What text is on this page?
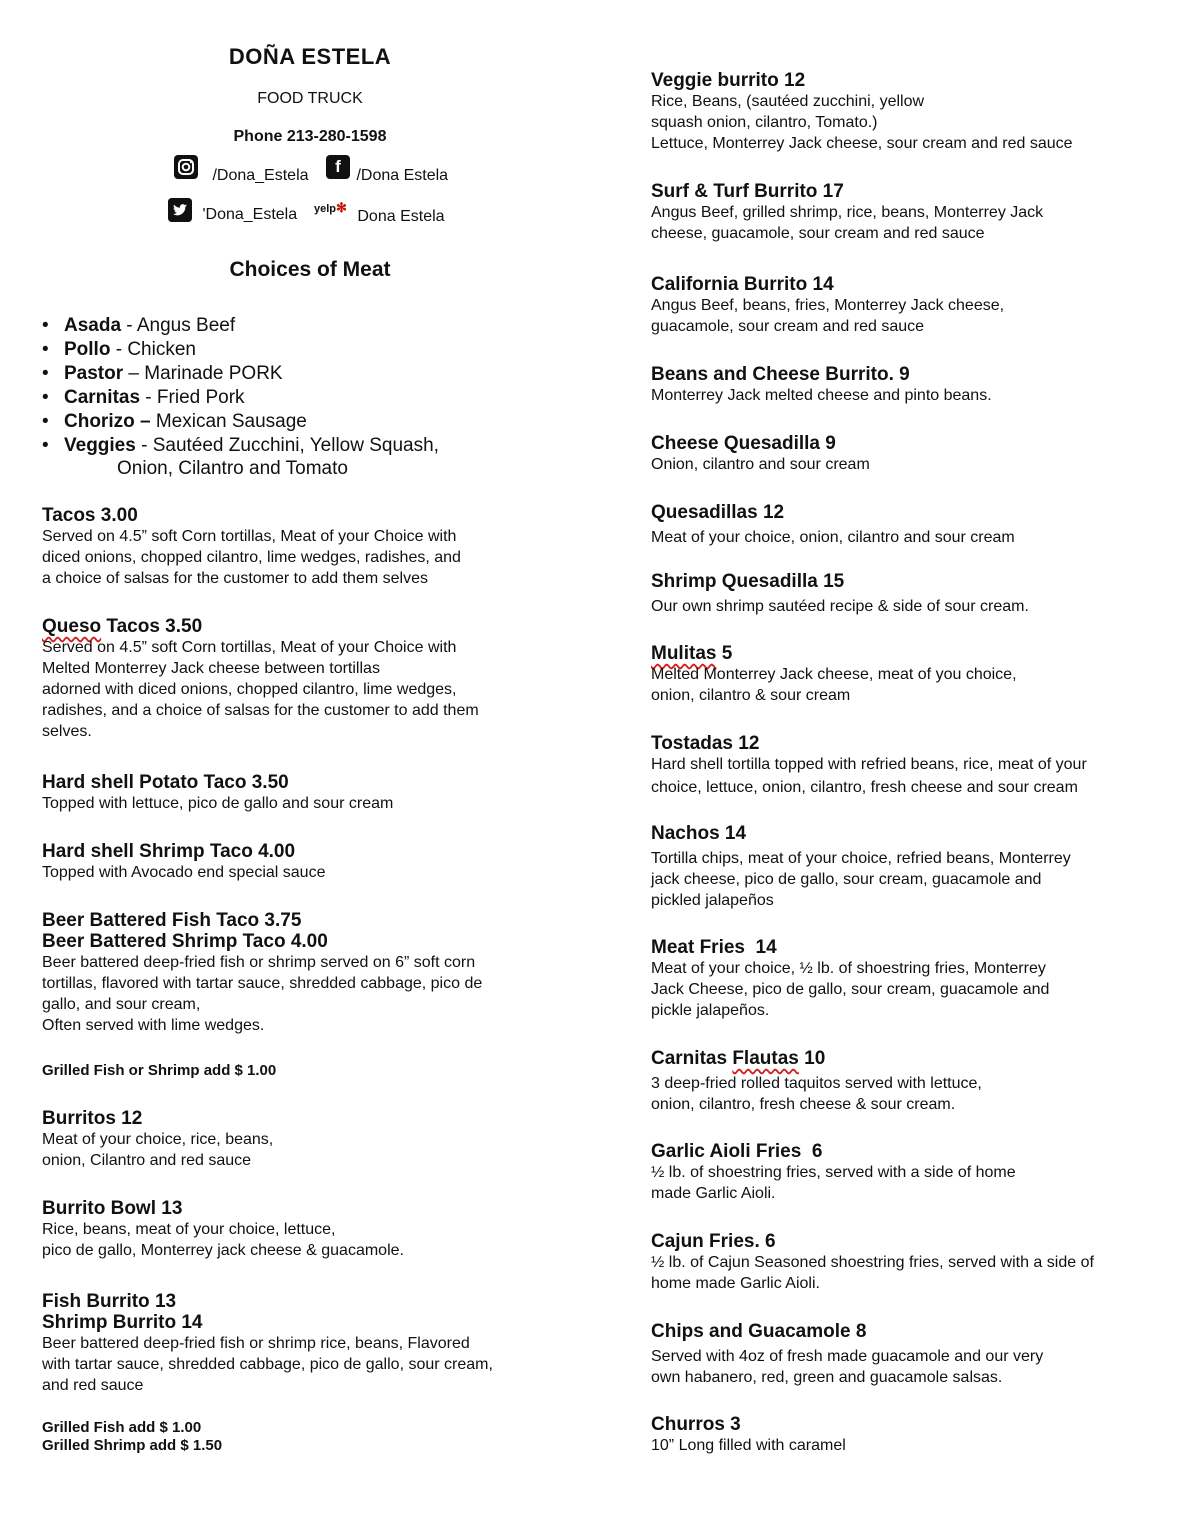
DOÑA ESTELA
FOOD TRUCK
Phone 213-280-1598
/Dona_Estela	f /Dona Estela
'Dona_Estela $^{yelp✻}$ Dona Estela
Choices of Meat
• Asada - Angus Beef
• Pollo - Chicken
• Pastor – Marinade PORK
• Carnitas - Fried Pork
• Chorizo – Mexican Sausage
• Veggies - Sautéed Zucchini, Yellow Squash,
Onion, Cilantro and Tomato
Tacos 3.00
Served on 4.5” soft Corn tortillas, Meat of your Choice with
diced onions, chopped cilantro, lime wedges, radishes, and
a choice of salsas for the customer to add them selves
Queso Tacos 3.50
Served on 4.5” soft Corn tortillas, Meat of your Choice with
Melted Monterrey Jack cheese between tortillas
adorned with diced onions, chopped cilantro, lime wedges,
radishes, and a choice of salsas for the customer to add them
selves.
Hard shell Potato Taco 3.50
Topped with lettuce, pico de gallo and sour cream
Hard shell Shrimp Taco 4.00
Topped with Avocado end special sauce
Beer Battered Fish Taco 3.75
Beer Battered Shrimp Taco 4.00
Beer battered deep-fried fish or shrimp served on 6” soft corn
tortillas, flavored with tartar sauce, shredded cabbage, pico de
gallo, and sour cream,
Often served with lime wedges.
Grilled Fish or Shrimp add $ 1.00
Burritos 12
Meat of your choice, rice, beans,
onion, Cilantro and red sauce
Burrito Bowl 13
Rice, beans, meat of your choice, lettuce,
pico de gallo, Monterrey jack cheese & guacamole.
Fish Burrito 13
Shrimp Burrito 14
Beer battered deep-fried fish or shrimp rice, beans, Flavored
with tartar sauce, shredded cabbage, pico de gallo, sour cream,
and red sauce
Grilled Fish add $ 1.00
Grilled Shrimp add $ 1.50
Veggie burrito 12
Rice, Beans, (sautéed zucchini, yellow
squash onion, cilantro, Tomato.)
Lettuce, Monterrey Jack cheese, sour cream and red sauce
Surf & Turf Burrito 17
Angus Beef, grilled shrimp, rice, beans, Monterrey Jack
cheese, guacamole, sour cream and red sauce
California Burrito 14
Angus Beef, beans, fries, Monterrey Jack cheese,
guacamole, sour cream and red sauce
Beans and Cheese Burrito. 9
Monterrey Jack melted cheese and pinto beans.
Cheese Quesadilla 9
Onion, cilantro and sour cream
Quesadillas 12
Meat of your choice, onion, cilantro and sour cream
Shrimp Quesadilla 15
Our own shrimp sautéed recipe & side of sour cream.
Mulitas 5
Melted Monterrey Jack cheese, meat of you choice,
onion, cilantro & sour cream
Tostadas 12
Hard shell tortilla topped with refried beans, rice, meat of your
choice, lettuce, onion, cilantro, fresh cheese and sour cream
Nachos 14
Tortilla chips, meat of your choice, refried beans, Monterrey
jack cheese, pico de gallo, sour cream, guacamole and
pickled jalapeños
Meat Fries  14
Meat of your choice, ½ lb. of shoestring fries, Monterrey
Jack Cheese, pico de gallo, sour cream, guacamole and
pickle jalapeños.
Carnitas Flautas 10
3 deep-fried rolled taquitos served with lettuce,
onion, cilantro, fresh cheese & sour cream.
Garlic Aioli Fries  6
½ lb. of shoestring fries, served with a side of home
made Garlic Aioli.
Cajun Fries. 6
½ lb. of Cajun Seasoned shoestring fries, served with a side of
home made Garlic Aioli.
Chips and Guacamole 8
Served with 4oz of fresh made guacamole and our very
own habanero, red, green and guacamole salsas.
Churros 3
10” Long filled with caramel
